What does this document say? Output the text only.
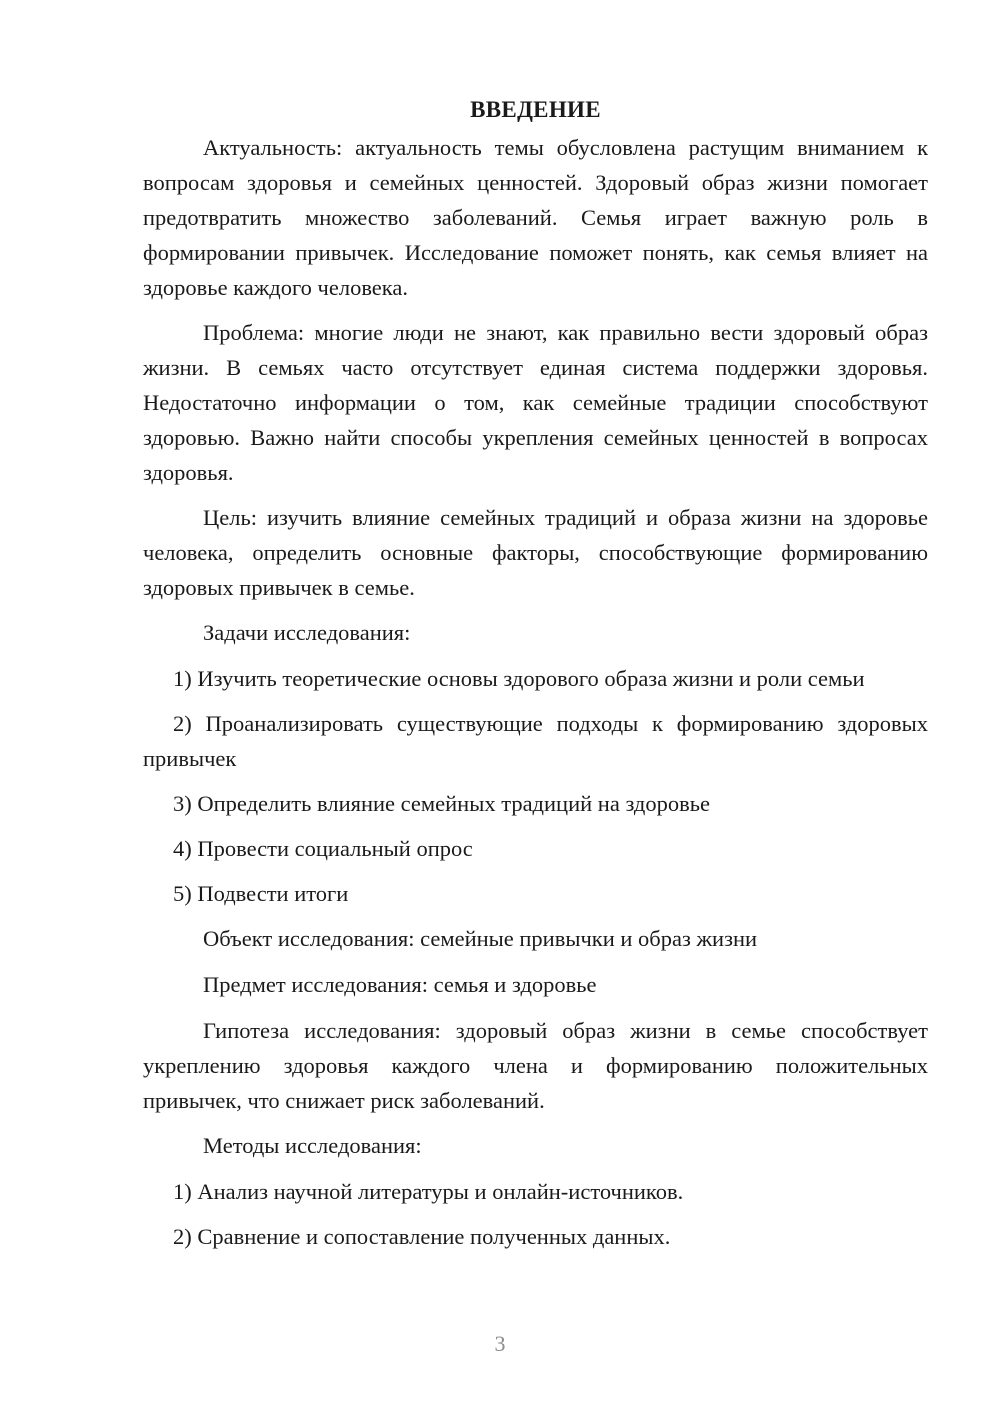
ВВЕДЕНИЕ

Актуальность: актуальность темы обусловлена растущим вниманием к вопросам здоровья и семейных ценностей. Здоровый образ жизни помогает предотвратить множество заболеваний. Семья играет важную роль в формировании привычек. Исследование поможет понять, как семья влияет на здоровье каждого человека.

Проблема: многие люди не знают, как правильно вести здоровый образ жизни. В семьях часто отсутствует единая система поддержки здоровья. Недостаточно информации о том, как семейные традиции способствуют здоровью. Важно найти способы укрепления семейных ценностей в вопросах здоровья.

Цель: изучить влияние семейных традиций и образа жизни на здоровье человека, определить основные факторы, способствующие формированию здоровых привычек в семье.

Задачи исследования:

1) Изучить теоретические основы здорового образа жизни и роли семьи

2) Проанализировать существующие подходы к формированию здоровых привычек

3) Определить влияние семейных традиций на здоровье

4) Провести социальный опрос

5) Подвести итоги

Объект исследования: семейные привычки и образ жизни

Предмет исследования: семья и здоровье

Гипотеза исследования: здоровый образ жизни в семье способствует укреплению здоровья каждого члена и формированию положительных привычек, что снижает риск заболеваний.

Методы исследования:

1) Анализ научной литературы и онлайн-источников.

2) Сравнение и сопоставление полученных данных.

3
